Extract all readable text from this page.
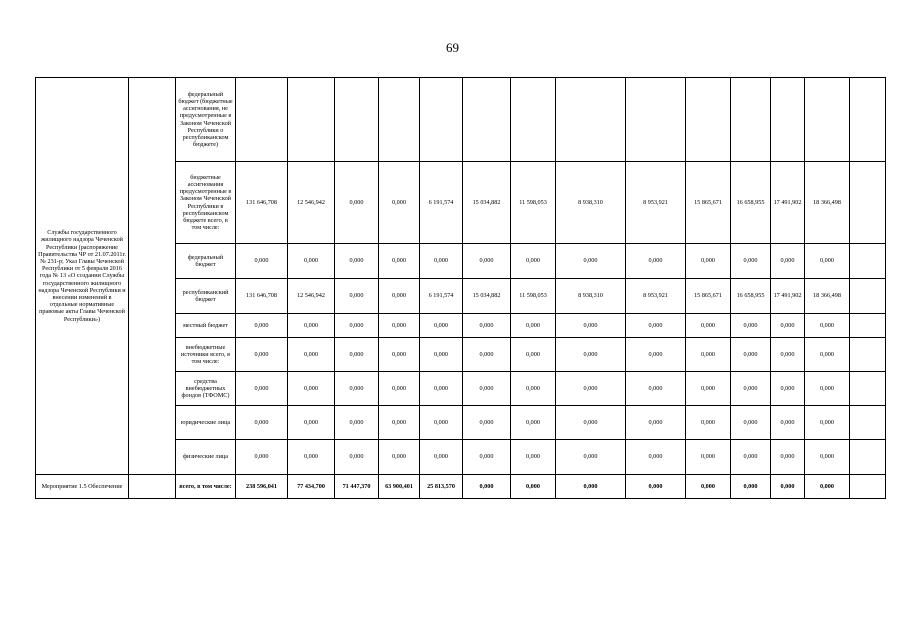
69
Службы государственного жилищного надзора Чеченской Республики (распоряжение Правительства ЧР от 21.07.2011г. № 231-р; Указ Главы Чеченской Республики от 5 февраля 2016 года № 13 «О создании Службы государственного жилищного надзора Чеченской Республики и внесении изменений в отдельные нормативные правовые акты Главы Чеченской Республики»)		федеральный бюджет (бюджетные ассигнования, не предусмотренные в Законом Чеченской Республики о республиканском бюджете)														
		бюджетные ассигнования предусмотренные в Законом Чеченской Республики в республиканском бюджете всего, в том числе:	131 646,708	12 546,942	0,000	0,000	6 191,574	15 034,882	11 598,053	8 938,310	8 953,921	15 865,671	16 658,955	17 491,902	18 366,498	
		федеральный бюджет	0,000	0,000	0,000	0,000	0,000	0,000	0,000	0,000	0,000	0,000	0,000	0,000	0,000	
		республиканский бюджет	131 646,708	12 546,942	0,000	0,000	6 191,574	15 034,882	11 598,053	8 938,310	8 953,921	15 865,671	16 658,955	17 491,902	18 366,498	
		местный бюджет	0,000	0,000	0,000	0,000	0,000	0,000	0,000	0,000	0,000	0,000	0,000	0,000	0,000	
		внебюджетные источники всего, в том числе:	0,000	0,000	0,000	0,000	0,000	0,000	0,000	0,000	0,000	0,000	0,000	0,000	0,000	
		средства внебюджетных фондов (ТФОМС)	0,000	0,000	0,000	0,000	0,000	0,000	0,000	0,000	0,000	0,000	0,000	0,000	0,000	
		юридические лица	0,000	0,000	0,000	0,000	0,000	0,000	0,000	0,000	0,000	0,000	0,000	0,000	0,000	
		физические лица	0,000	0,000	0,000	0,000	0,000	0,000	0,000	0,000	0,000	0,000	0,000	0,000	0,000	
Мероприятие 1.5 Обеспечение		всего, в том числе:	238 596,041	77 434,700	71 447,370	63 900,401	25 813,570	0,000	0,000	0,000	0,000	0,000	0,000	0,000	0,000	
